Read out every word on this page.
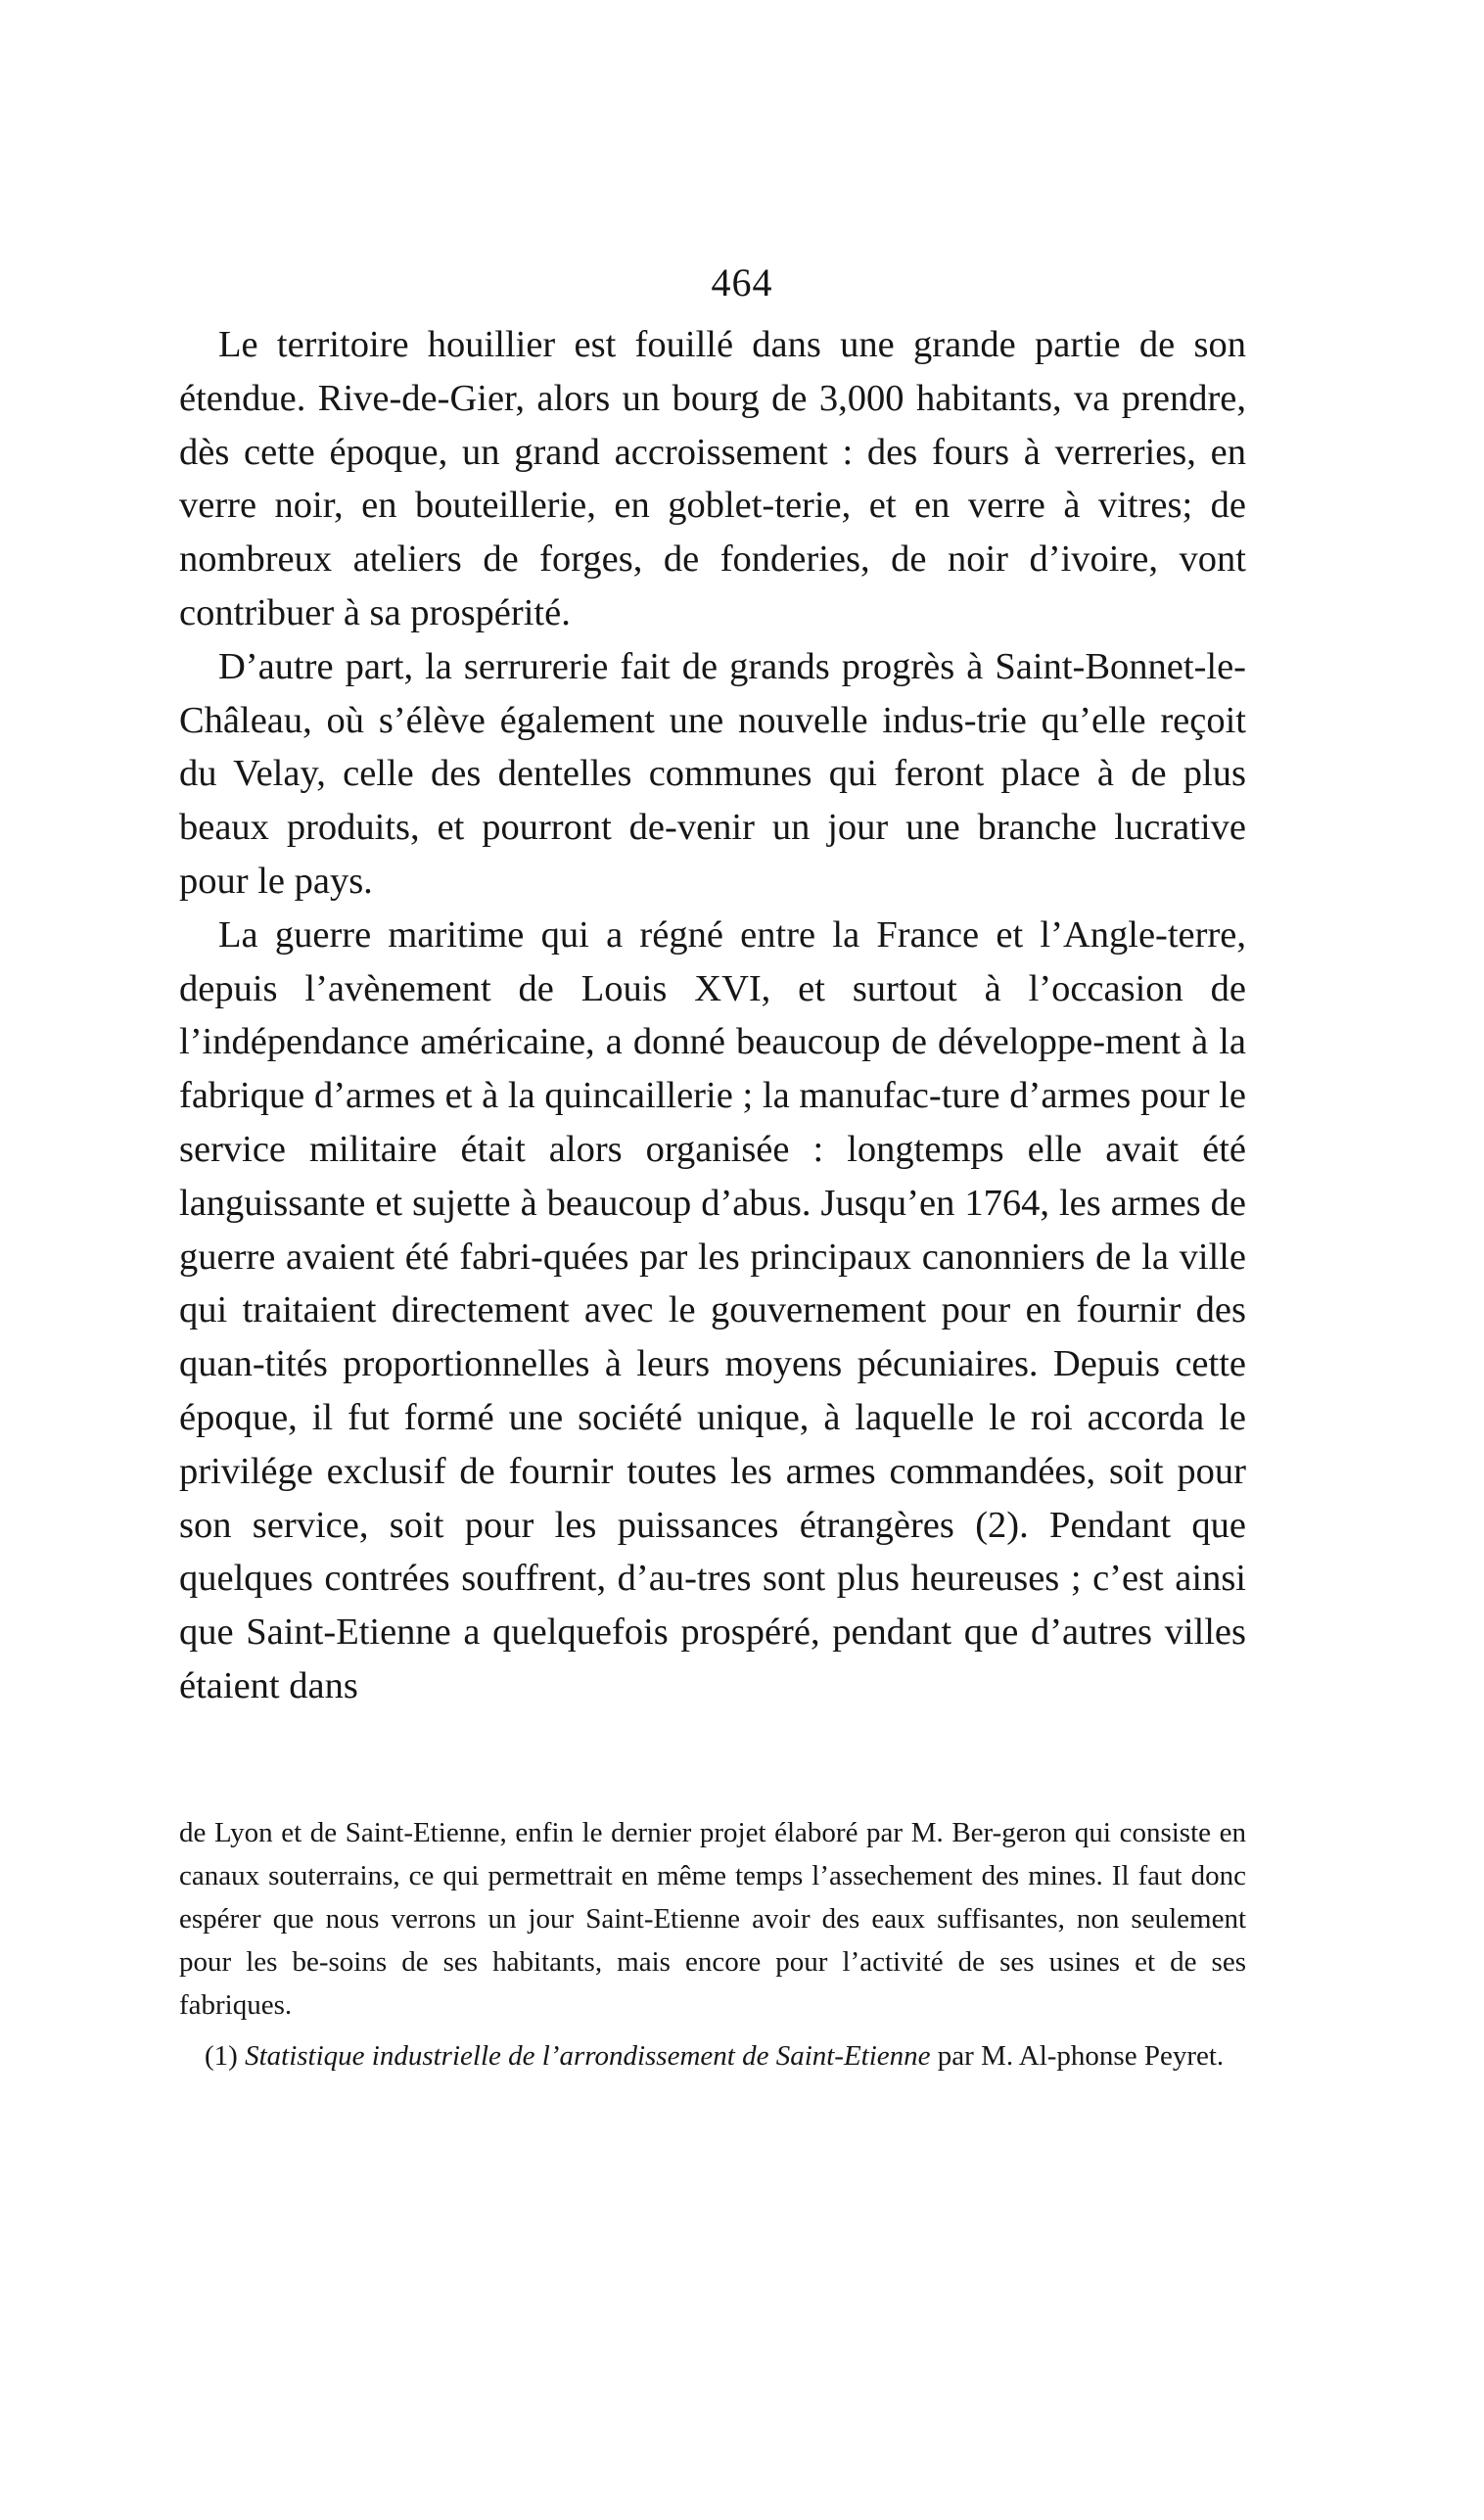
464

Le territoire houillier est fouillé dans une grande partie de son étendue. Rive-de-Gier, alors un bourg de 3,000 habitants, va prendre, dès cette époque, un grand accroissement : des fours à verreries, en verre noir, en bouteillerie, en goblet-terie, et en verre à vitres; de nombreux ateliers de forges, de fonderies, de noir d’ivoire, vont contribuer à sa prospérité.

D’autre part, la serrurerie fait de grands progrès à Saint-Bonnet-le-Châleau, où s’élève également une nouvelle indus-trie qu’elle reçoit du Velay, celle des dentelles communes qui feront place à de plus beaux produits, et pourront de-venir un jour une branche lucrative pour le pays.

La guerre maritime qui a régné entre la France et l’Angle-terre, depuis l’avènement de Louis XVI, et surtout à l’occasion de l’indépendance américaine, a donné beaucoup de développe-ment à la fabrique d’armes et à la quincaillerie ; la manufac-ture d’armes pour le service militaire était alors organisée : longtemps elle avait été languissante et sujette à beaucoup d’abus. Jusqu’en 1764, les armes de guerre avaient été fabri-quées par les principaux canonniers de la ville qui traitaient directement avec le gouvernement pour en fournir des quan-tités proportionnelles à leurs moyens pécuniaires. Depuis cette époque, il fut formé une société unique, à laquelle le roi accorda le privilége exclusif de fournir toutes les armes commandées, soit pour son service, soit pour les puissances étrangères (2). Pendant que quelques contrées souffrent, d’au-tres sont plus heureuses ; c’est ainsi que Saint-Etienne a quelquefois prospéré, pendant que d’autres villes étaient dans

de Lyon et de Saint-Etienne, enfin le dernier projet élaboré par M. Ber-geron qui consiste en canaux souterrains, ce qui permettrait en même temps l’assechement des mines. Il faut donc espérer que nous verrons un jour Saint-Etienne avoir des eaux suffisantes, non seulement pour les be-soins de ses habitants, mais encore pour l’activité de ses usines et de ses fabriques.

(1) Statistique industrielle de l’arrondissement de Saint-Etienne par M. Al-phonse Peyret.
